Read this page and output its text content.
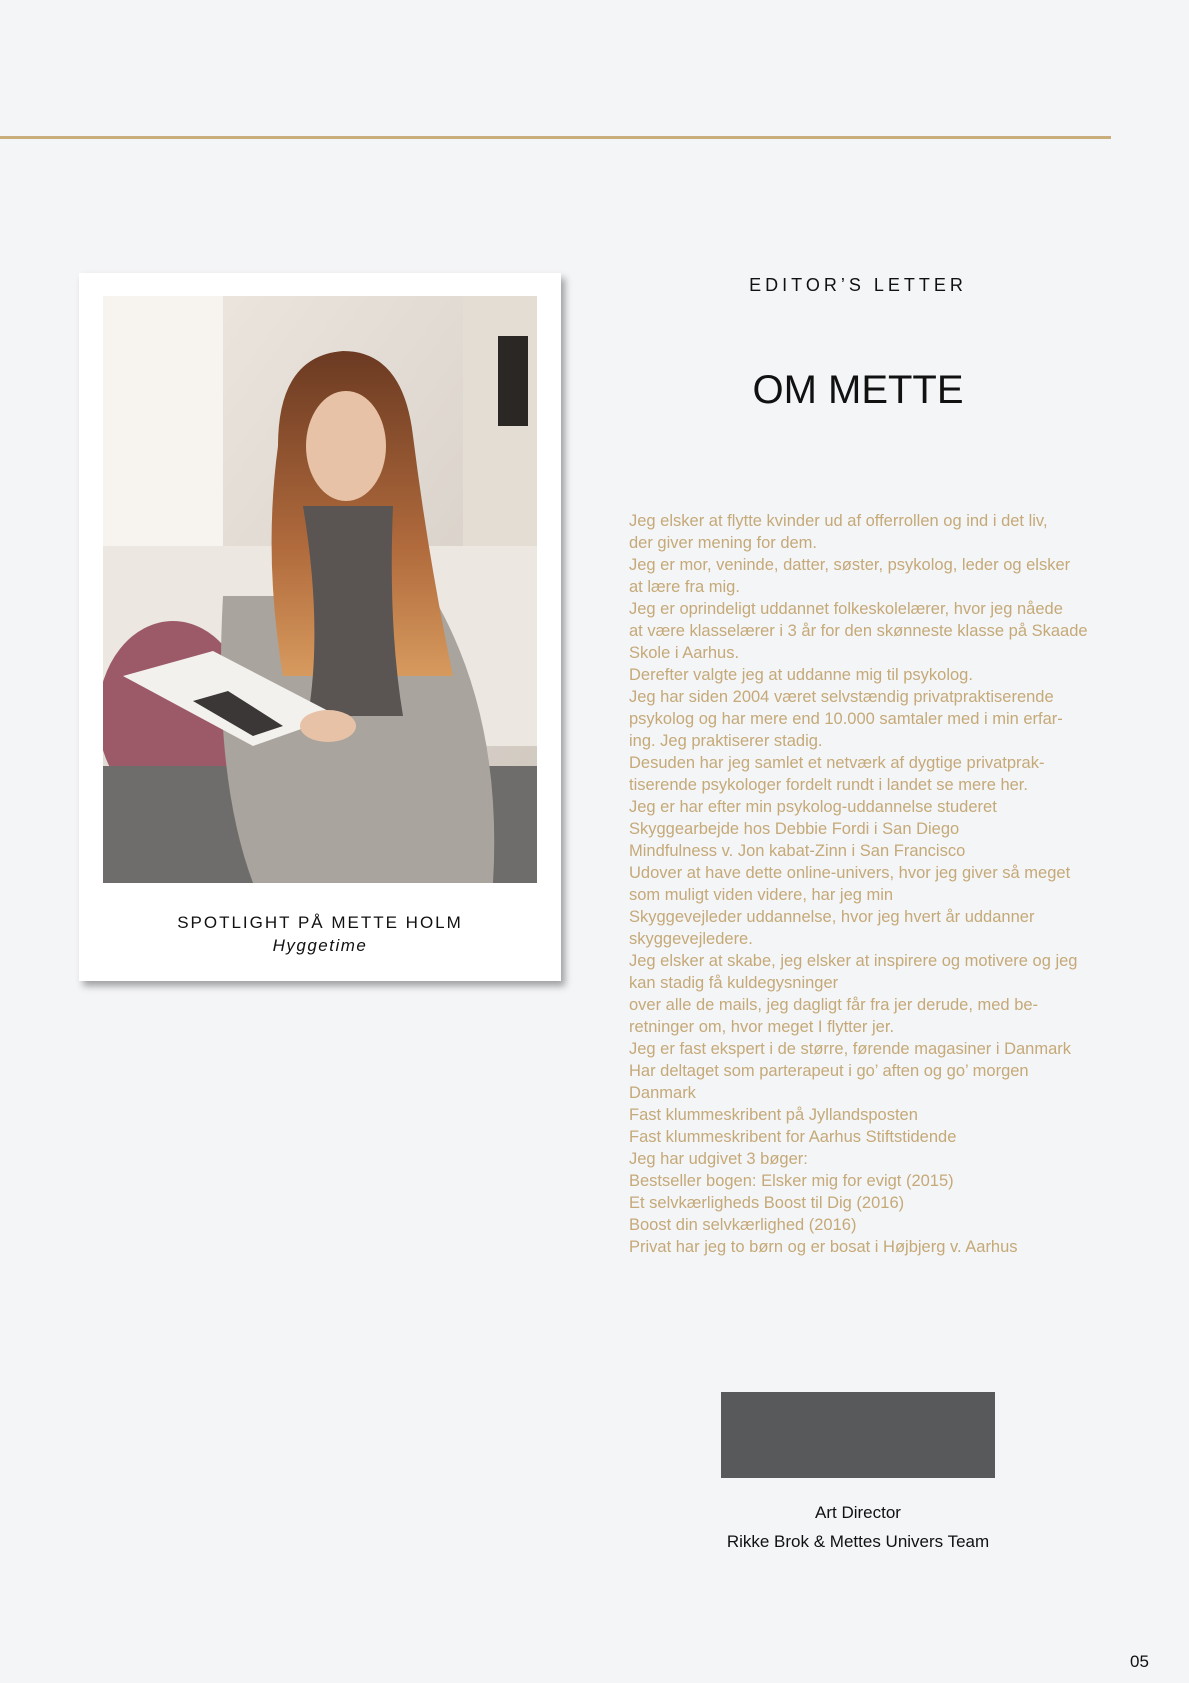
SPOTLIGHT PÅ METTE HOLM
Hyggetime
EDITOR’S LETTER
OM METTE

Jeg elsker at flytte kvinder ud af offerrollen og ind i det liv,

der giver mening for dem.

Jeg er mor, veninde, datter, søster, psykolog, leder og elsker

at lære fra mig.

Jeg er oprindeligt uddannet folkeskolelærer, hvor jeg nåede

at være klasselærer i 3 år for den skønneste klasse på Skaade

Skole i Aarhus.

Derefter valgte jeg at uddanne mig til psykolog.

Jeg har siden 2004 været selvstændig privatpraktiserende

psykolog og har mere end 10.000 samtaler med i min erfar-

ing. Jeg praktiserer stadig.

Desuden har jeg samlet et netværk af dygtige privatprak-

tiserende psykologer fordelt rundt i landet se mere her.

Jeg er har efter min psykolog-uddannelse studeret

Skyggearbejde hos Debbie Fordi i San Diego

Mindfulness v. Jon kabat-Zinn i San Francisco

Udover at have dette online-univers, hvor jeg giver så meget

som muligt viden videre, har jeg min

Skyggevejleder uddannelse, hvor jeg hvert år uddanner

skyggevejledere.

Jeg elsker at skabe, jeg elsker at inspirere og motivere og jeg

kan stadig få kuldegysninger

over alle de mails, jeg dagligt får fra jer derude, med be-

retninger om, hvor meget I flytter jer.

Jeg er fast ekspert i de større, førende magasiner i Danmark

Har deltaget som parterapeut i go’ aften og go’ morgen

Danmark

Fast klummeskribent på Jyllandsposten

Fast klummeskribent for Aarhus Stiftstidende

Jeg har udgivet 3 bøger:

Bestseller bogen: Elsker mig for evigt (2015)

Et selvkærligheds Boost til Dig (2016)

Boost din selvkærlighed (2016)

Privat har jeg to børn og er bosat i Højbjerg v. Aarhus

Art Director
Rikke Brok & Mettes Univers Team
05
